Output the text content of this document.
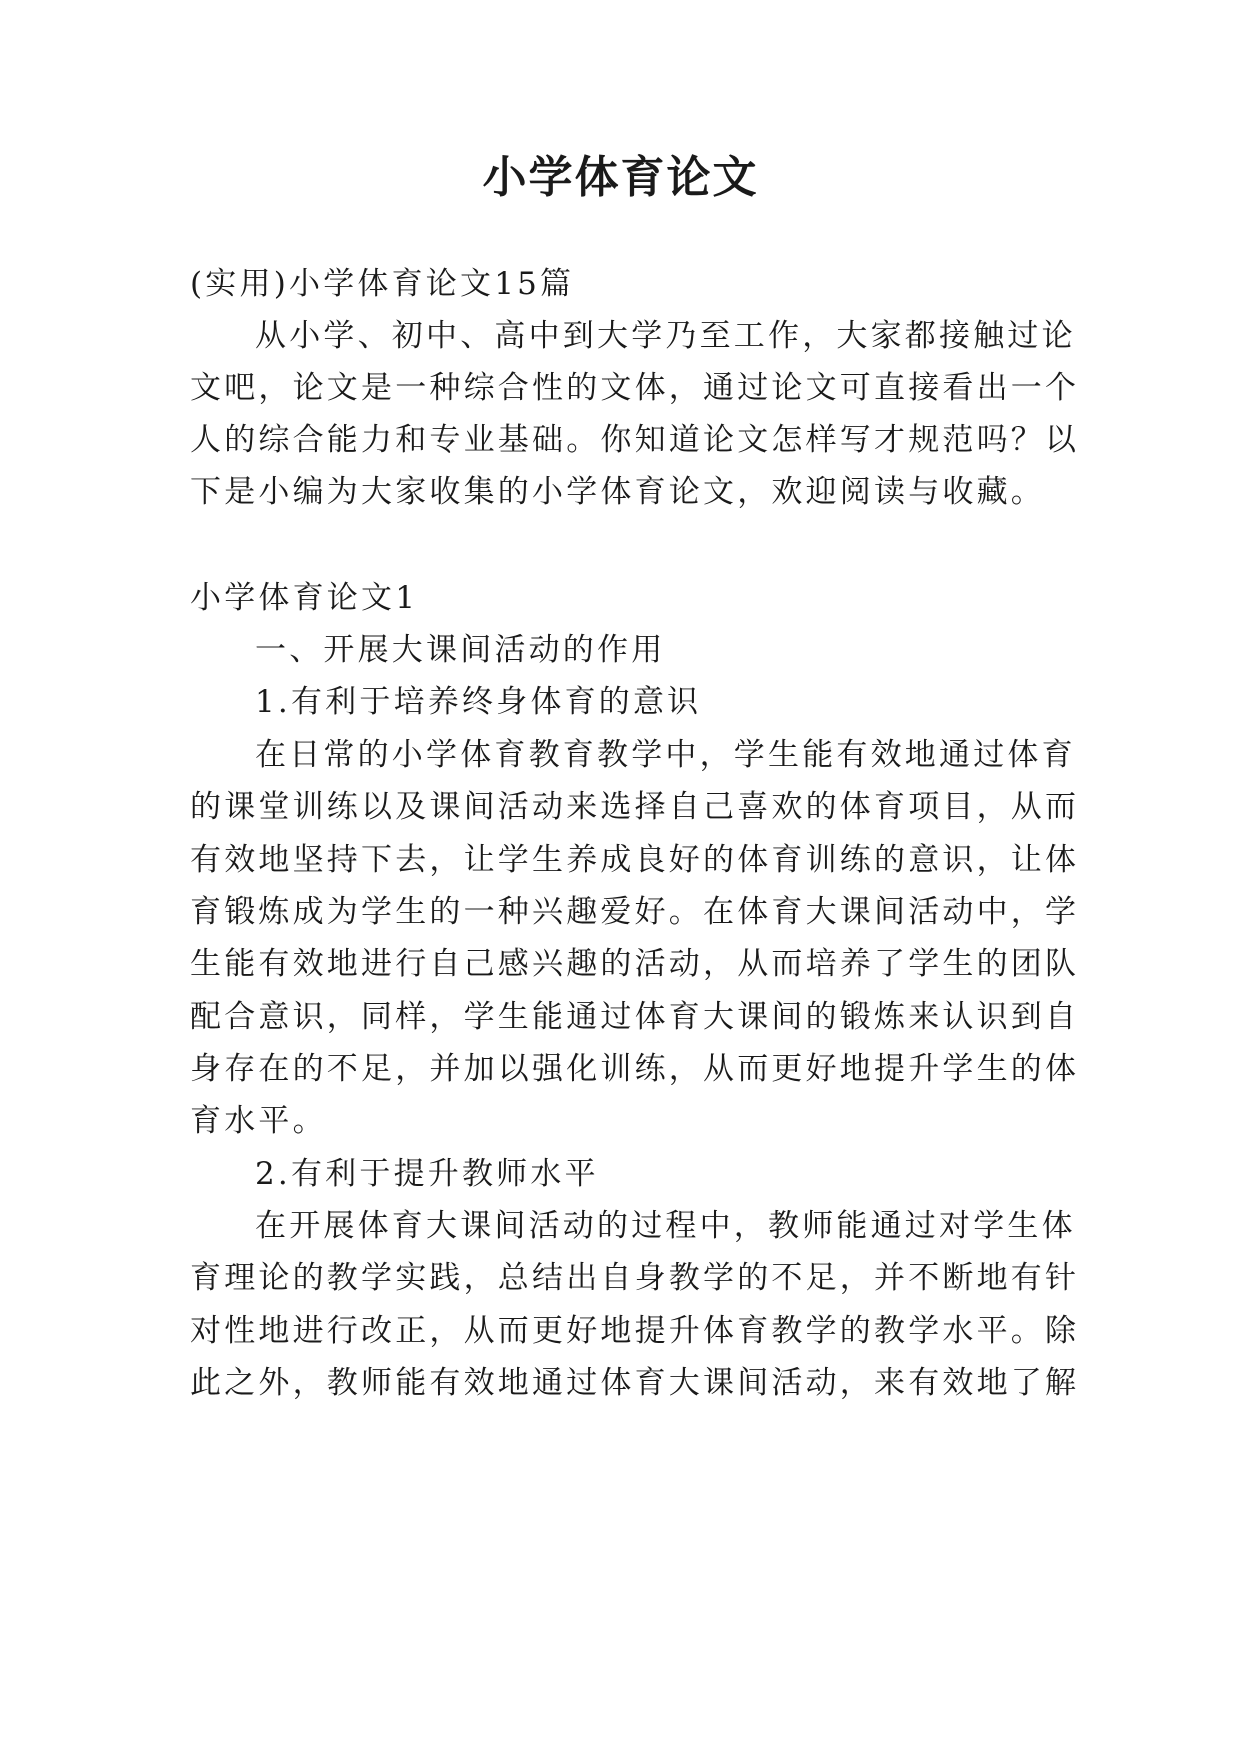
小学体育论文
(实用)小学体育论文15篇
从小学、初中、高中到大学乃至工作，大家都接触过论
文吧，论文是一种综合性的文体，通过论文可直接看出一个
人的综合能力和专业基础。你知道论文怎样写才规范吗？以
下是小编为大家收集的小学体育论文，欢迎阅读与收藏。
小学体育论文1
一、开展大课间活动的作用
1.有利于培养终身体育的意识
在日常的小学体育教育教学中，学生能有效地通过体育
的课堂训练以及课间活动来选择自己喜欢的体育项目，从而
有效地坚持下去，让学生养成良好的体育训练的意识，让体
育锻炼成为学生的一种兴趣爱好。在体育大课间活动中，学
生能有效地进行自己感兴趣的活动，从而培养了学生的团队
配合意识，同样，学生能通过体育大课间的锻炼来认识到自
身存在的不足，并加以强化训练，从而更好地提升学生的体
育水平。
2.有利于提升教师水平
在开展体育大课间活动的过程中，教师能通过对学生体
育理论的教学实践，总结出自身教学的不足，并不断地有针
对性地进行改正，从而更好地提升体育教学的教学水平。除
此之外，教师能有效地通过体育大课间活动，来有效地了解
